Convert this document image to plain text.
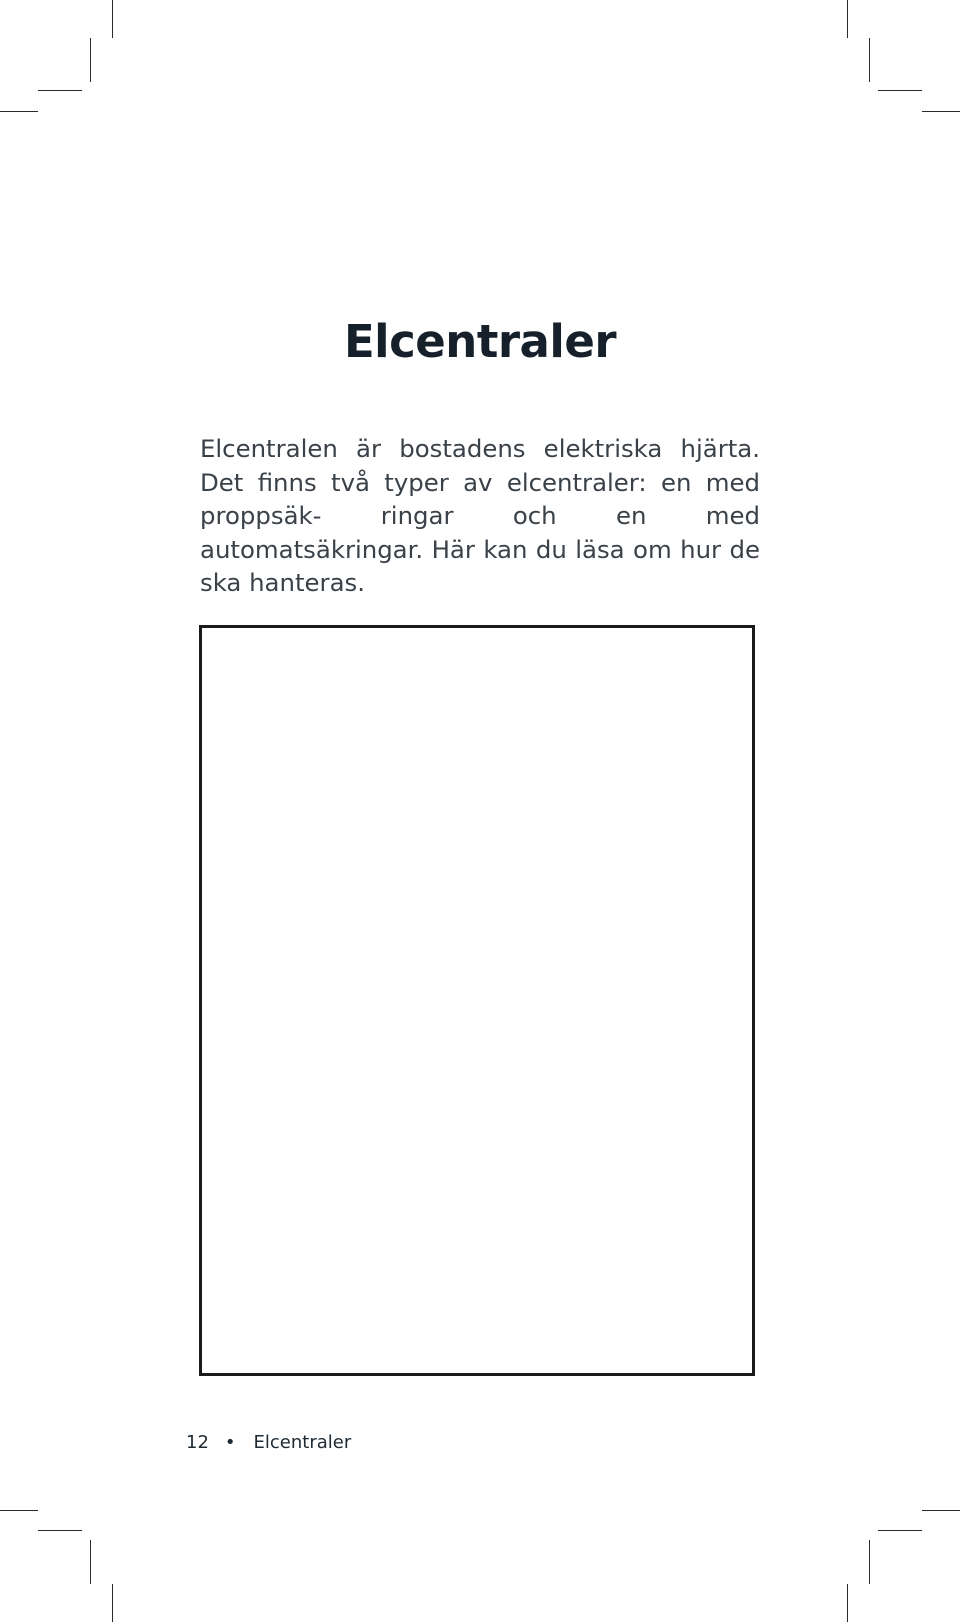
Elcentraler

Elcentralen är bostadens elektriska hjärta. Det finns två typer av elcentraler: en med proppsäk- ringar och en med automatsäkringar. Här kan du läsa om hur de ska hanteras.

12 • Elcentraler
